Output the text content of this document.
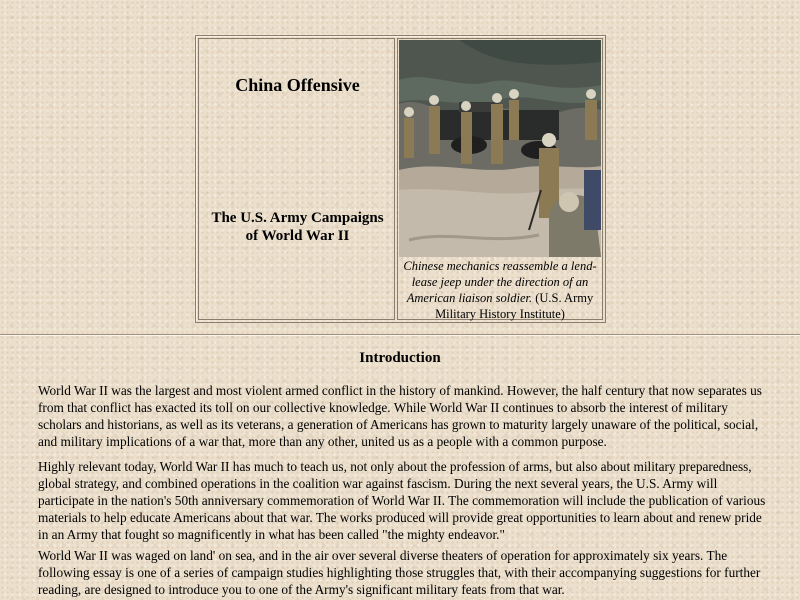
China Offensive
The U.S. Army Campaigns
of World War II
Chinese mechanics reassemble a lend-
lease jeep under the direction of an
American liaison soldier. (U.S. Army
Military History Institute)
Introduction

World War II was the largest and most violent armed conflict in the history of mankind. However, the half century that now separates us from that conflict has exacted its toll on our collective knowledge. While World War II continues to absorb the interest of military scholars and historians, as well as its veterans, a generation of Americans has grown to maturity largely unaware of the political, social, and military implications of a war that, more than any other, united us as a people with a common purpose.

Highly relevant today, World War II has much to teach us, not only about the profession of arms, but also about military preparedness, global strategy, and combined operations in the coalition war against fascism. During the next several years, the U.S. Army will participate in the nation's 50th anniversary commemoration of World War II. The commemoration will include the publication of various materials to help educate Americans about that war. The works produced will provide great opportunities to learn about and renew pride in an Army that fought so magnificently in what has been called "the mighty endeavor."

World War II was waged on land' on sea, and in the air over several diverse theaters of operation for approximately six years. The following essay is one of a series of campaign studies highlighting those struggles that, with their accompanying suggestions for further reading, are designed to introduce you to one of the Army's significant military feats from that war.
